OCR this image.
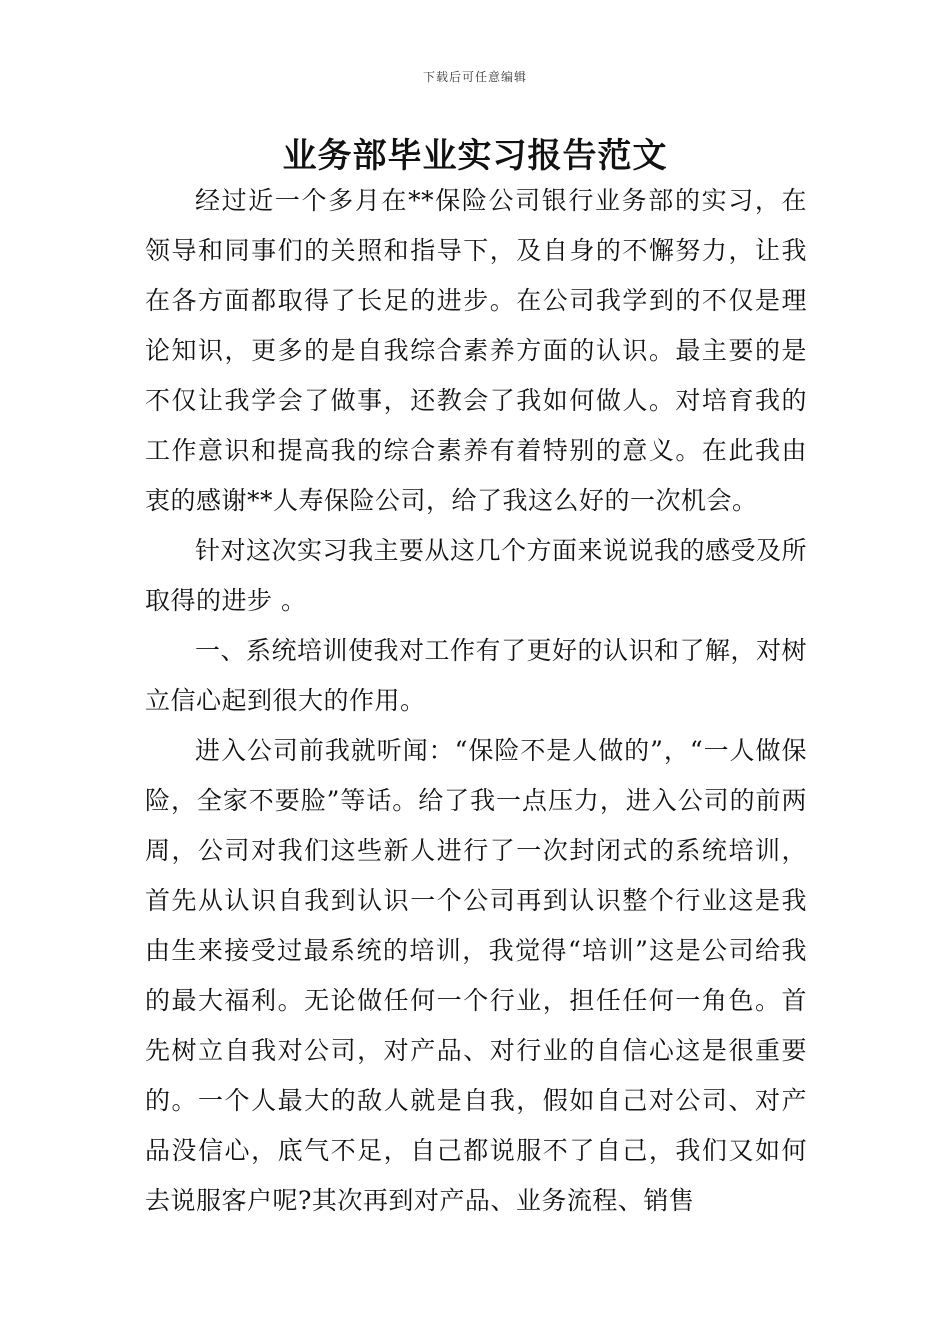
下载后可任意编辑
业务部毕业实习报告范文

经过近一个多月在**保险公司银行业务部的实习，在领导和同事们的关照和指导下，及自身的不懈努力，让我在各方面都取得了长足的进步。在公司我学到的不仅是理论知识，更多的是自我综合素养方面的认识。最主要的是不仅让我学会了做事，还教会了我如何做人。对培育我的工作意识和提高我的综合素养有着特别的意义。在此我由衷的感谢**人寿保险公司，给了我这么好的一次机会。

针对这次实习我主要从这几个方面来说说我的感受及所取得的进步 。

一、系统培训使我对工作有了更好的认识和了解，对树立信心起到很大的作用。

进入公司前我就听闻：“保险不是人做的”，“一人做保险，全家不要脸”等话。给了我一点压力，进入公司的前两周，公司对我们这些新人进行了一次封闭式的系统培训，首先从认识自我到认识一个公司再到认识整个行业这是我由生来接受过最系统的培训，我觉得“培训”这是公司给我的最大福利。无论做任何一个行业，担任任何一角色。首先树立自我对公司，对产品、对行业的自信心这是很重要的。一个人最大的敌人就是自我，假如自己对公司、对产品没信心，底气不足，自己都说服不了自己，我们又如何去说服客户呢?其次再到对产品、业务流程、销售
